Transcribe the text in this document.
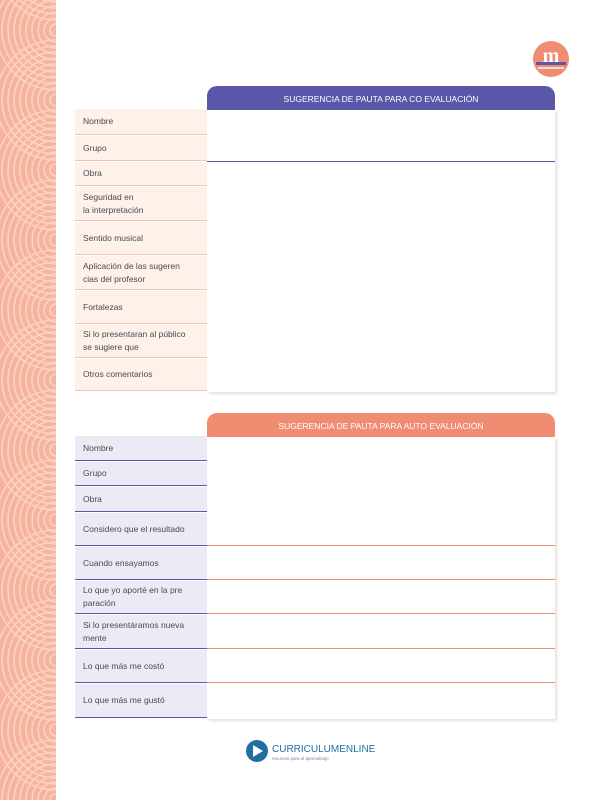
m
SUGERENCIA DE PAUTA PARA CO EVALUACIÓN
Nombre
Grupo
Obra
Seguridad en
la interpretación
Sentido musical
Aplicación de las sugeren
cias del profesor
Fortalezas
Si lo presentaran al público
se sugiere que
Otros comentarios
SUGERENCIA DE PAUTA PARA AUTO EVALUACIÓN
Nombre
Grupo
Obra
Considero que el resultado
Cuando ensayamos
Lo que yo aporté en la pre
paración
Si lo presentáramos nueva
mente
Lo que más me costó
Lo que más me gustó
CURRICULUMENLINEA
recursos para el aprendizaje
